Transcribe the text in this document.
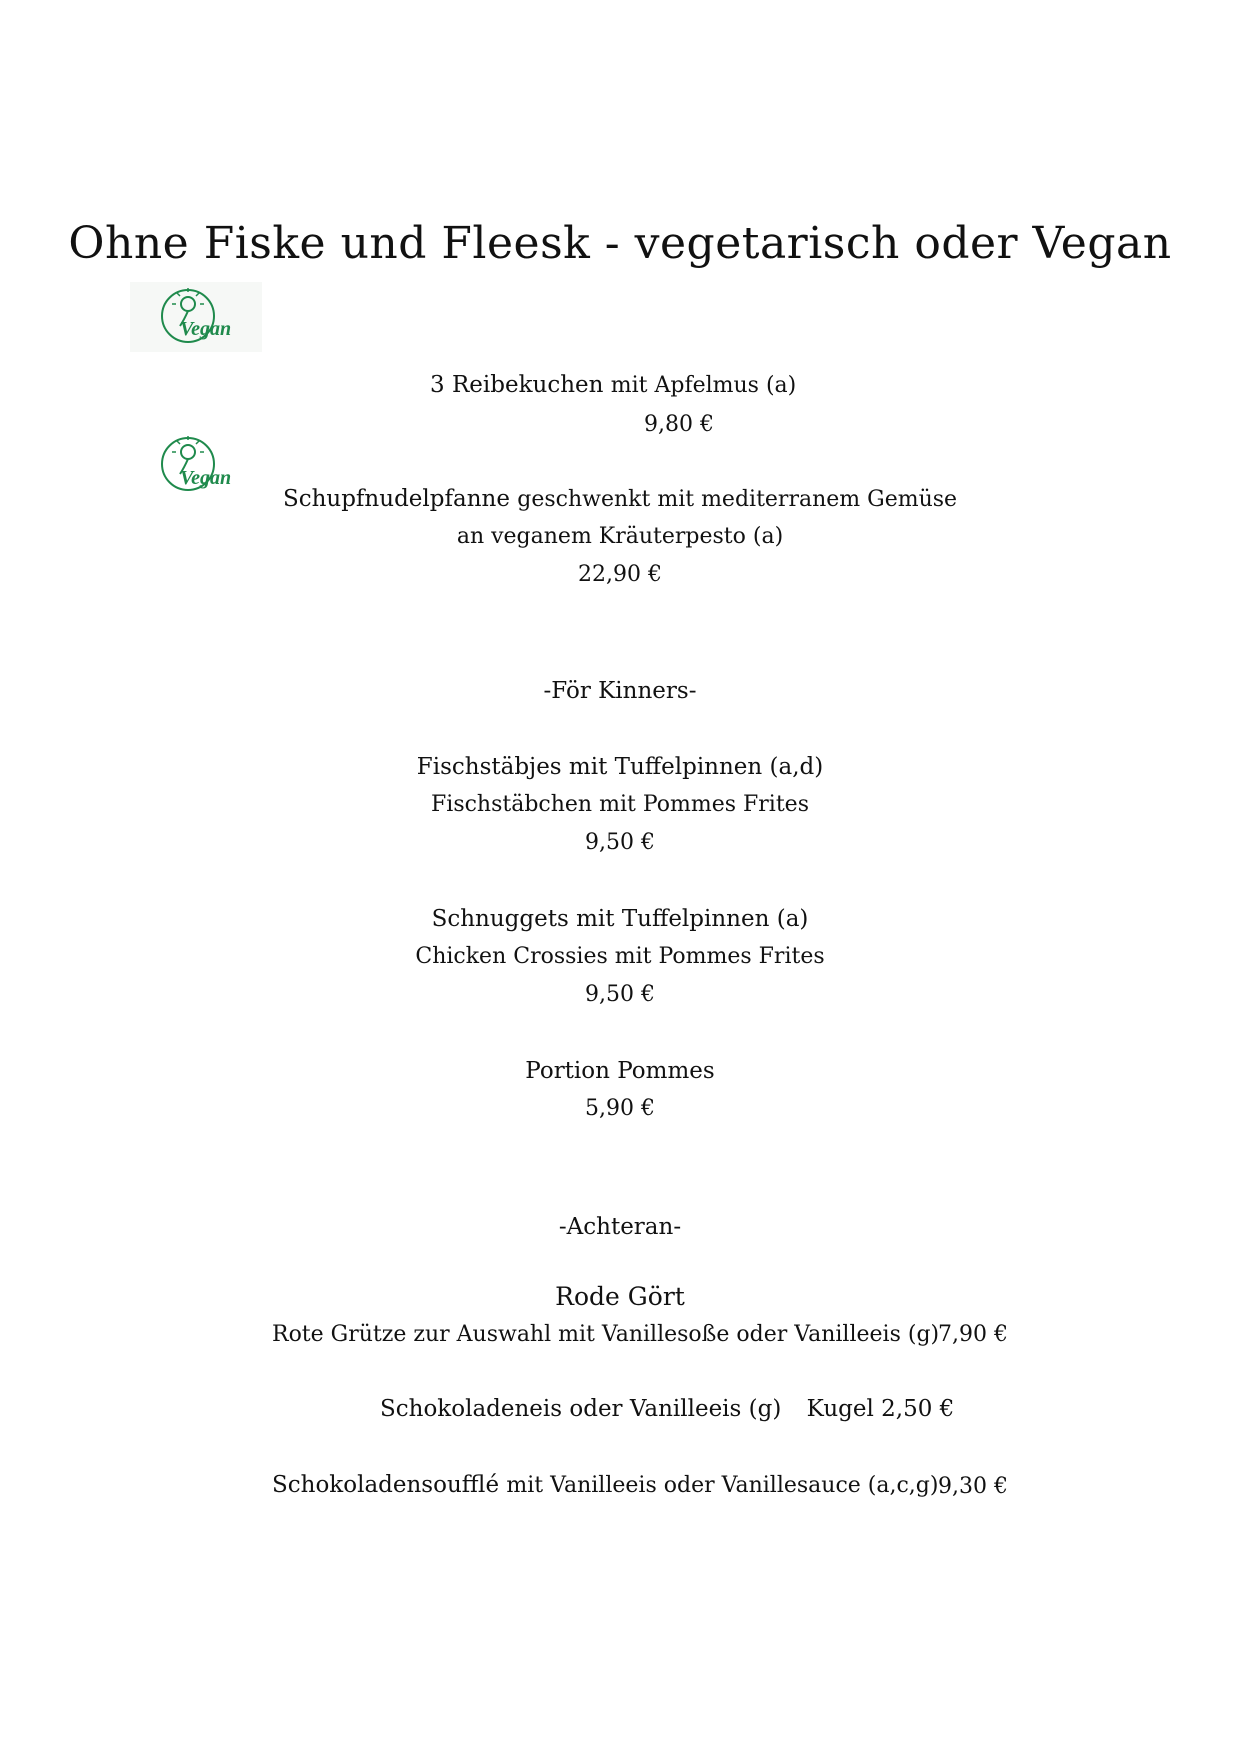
Ohne Fiske und Fleesk - vegetarisch oder Vegan
Vegan
Vegan
3 Reibekuchen mit Apfelmus (a)
9,80 €
Schupfnudelpfanne geschwenkt mit mediterranem Gemüse
an veganem Kräuterpesto (a)
22,90 €
-För Kinners-
Fischstäbjes mit Tuffelpinnen (a,d)
Fischstäbchen mit Pommes Frites
9,50 €
Schnuggets mit Tuffelpinnen (a)
Chicken Crossies mit Pommes Frites
9,50 €
Portion Pommes
5,90 €
-Achteran-
Rode Gört
Rote Grütze zur Auswahl mit Vanillesoße oder Vanilleeis (g)
7,90 €
Schokoladeneis oder Vanilleeis (g) Kugel 2,50 €
Schokoladensoufflé mit Vanilleeis oder Vanillesauce (a,c,g) 9,30 €
